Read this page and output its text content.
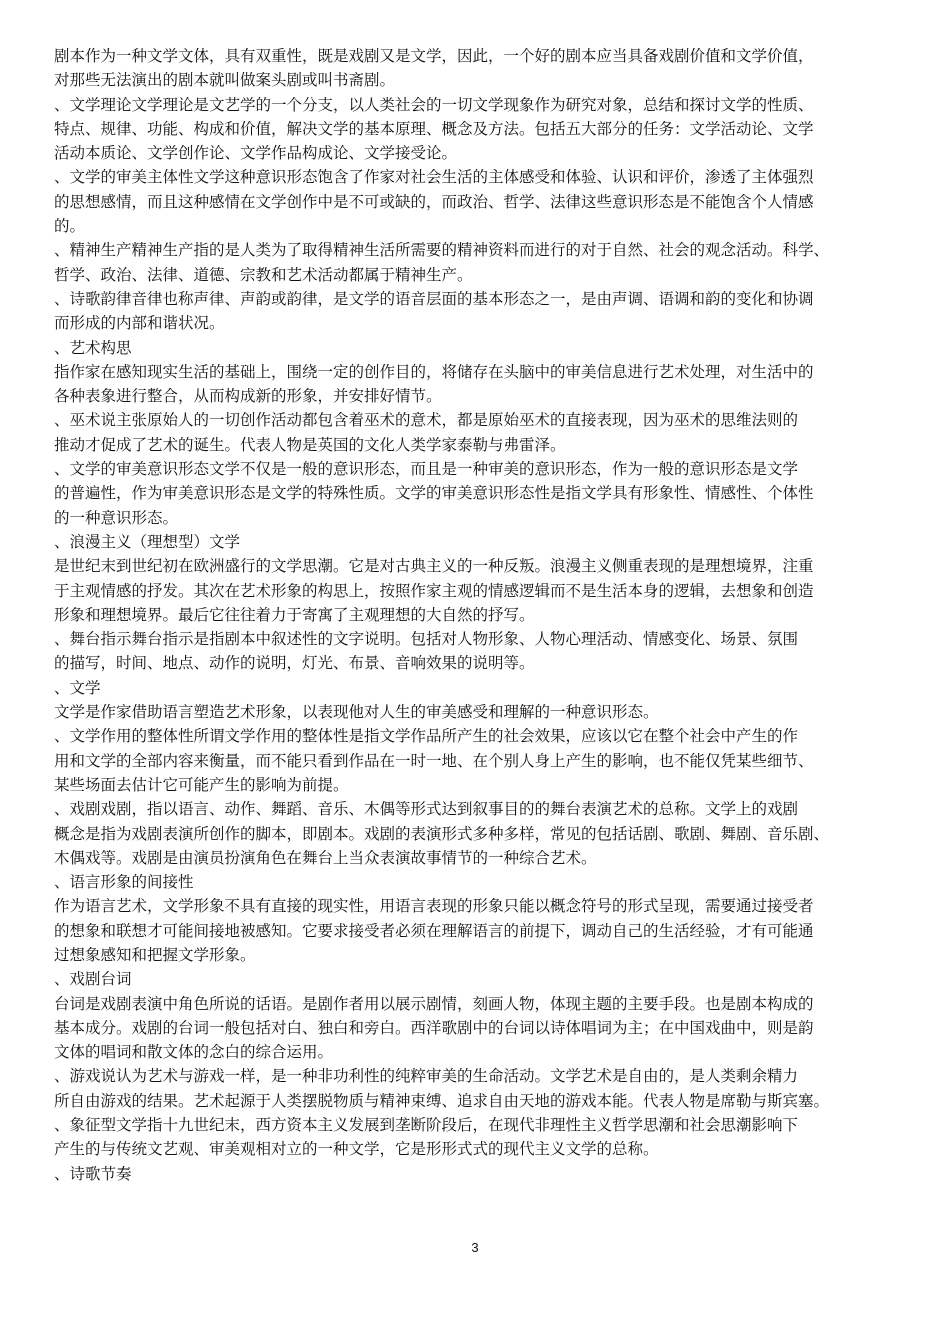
剧本作为一种文学文体，具有双重性，既是戏剧又是文学，因此，一个好的剧本应当具备戏剧价值和文学价值，
对那些无法演出的剧本就叫做案头剧或叫书斋剧。
、文学理论文学理论是文艺学的一个分支，以人类社会的一切文学现象作为研究对象，总结和探讨文学的性质、
特点、规律、功能、构成和价值，解决文学的基本原理、概念及方法。包括五大部分的任务：文学活动论、文学
活动本质论、文学创作论、文学作品构成论、文学接受论。
、文学的审美主体性文学这种意识形态饱含了作家对社会生活的主体感受和体验、认识和评价，渗透了主体强烈
的思想感情，而且这种感情在文学创作中是不可或缺的，而政治、哲学、法律这些意识形态是不能饱含个人情感
的。
、精神生产精神生产指的是人类为了取得精神生活所需要的精神资料而进行的对于自然、社会的观念活动。科学、
哲学、政治、法律、道德、宗教和艺术活动都属于精神生产。
、诗歌韵律音律也称声律、声韵或韵律，是文学的语音层面的基本形态之一，是由声调、语调和韵的变化和协调
而形成的内部和谐状况。
、艺术构思
指作家在感知现实生活的基础上，围绕一定的创作目的，将储存在头脑中的审美信息进行艺术处理，对生活中的
各种表象进行整合，从而构成新的形象，并安排好情节。
、巫术说主张原始人的一切创作活动都包含着巫术的意术，都是原始巫术的直接表现，因为巫术的思维法则的
推动才促成了艺术的诞生。代表人物是英国的文化人类学家泰勒与弗雷泽。
、文学的审美意识形态文学不仅是一般的意识形态，而且是一种审美的意识形态，作为一般的意识形态是文学
的普遍性，作为审美意识形态是文学的特殊性质。文学的审美意识形态性是指文学具有形象性、情感性、个体性
的一种意识形态。
、浪漫主义（理想型）文学
是世纪末到世纪初在欧洲盛行的文学思潮。它是对古典主义的一种反叛。浪漫主义侧重表现的是理想境界，注重
于主观情感的抒发。其次在艺术形象的构思上，按照作家主观的情感逻辑而不是生活本身的逻辑，去想象和创造
形象和理想境界。最后它往往着力于寄寓了主观理想的大自然的抒写。
、舞台指示舞台指示是指剧本中叙述性的文字说明。包括对人物形象、人物心理活动、情感变化、场景、氛围
的描写，时间、地点、动作的说明，灯光、布景、音响效果的说明等。
、文学
文学是作家借助语言塑造艺术形象，以表现他对人生的审美感受和理解的一种意识形态。
、文学作用的整体性所谓文学作用的整体性是指文学作品所产生的社会效果，应该以它在整个社会中产生的作
用和文学的全部内容来衡量，而不能只看到作品在一时一地、在个别人身上产生的影响，也不能仅凭某些细节、
某些场面去估计它可能产生的影响为前提。
、戏剧戏剧，指以语言、动作、舞蹈、音乐、木偶等形式达到叙事目的的舞台表演艺术的总称。文学上的戏剧
概念是指为戏剧表演所创作的脚本，即剧本。戏剧的表演形式多种多样，常见的包括话剧、歌剧、舞剧、音乐剧、
木偶戏等。戏剧是由演员扮演角色在舞台上当众表演故事情节的一种综合艺术。
、语言形象的间接性
作为语言艺术，文学形象不具有直接的现实性，用语言表现的形象只能以概念符号的形式呈现，需要通过接受者
的想象和联想才可能间接地被感知。它要求接受者必须在理解语言的前提下，调动自己的生活经验，才有可能通
过想象感知和把握文学形象。
、戏剧台词
台词是戏剧表演中角色所说的话语。是剧作者用以展示剧情，刻画人物，体现主题的主要手段。也是剧本构成的
基本成分。戏剧的台词一般包括对白、独白和旁白。西洋歌剧中的台词以诗体唱词为主；在中国戏曲中，则是韵
文体的唱词和散文体的念白的综合运用。
、游戏说认为艺术与游戏一样，是一种非功利性的纯粹审美的生命活动。文学艺术是自由的，是人类剩余精力
所自由游戏的结果。艺术起源于人类摆脱物质与精神束缚、追求自由天地的游戏本能。代表人物是席勒与斯宾塞。
、象征型文学指十九世纪末，西方资本主义发展到垄断阶段后，在现代非理性主义哲学思潮和社会思潮影响下
产生的与传统文艺观、审美观相对立的一种文学，它是形形式式的现代主义文学的总称。
、诗歌节奏
3
